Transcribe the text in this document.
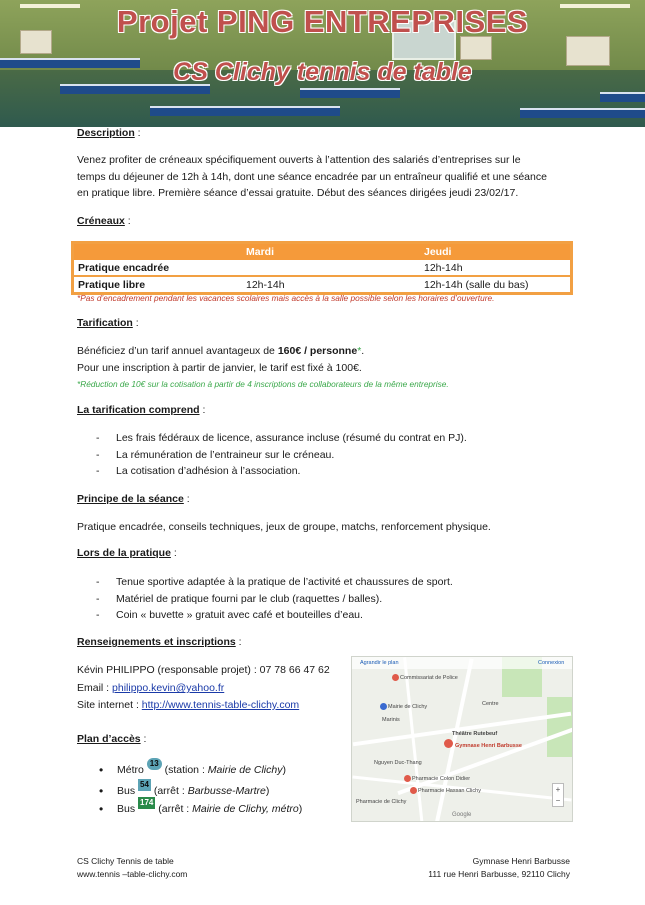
Projet PING ENTREPRISES
CS Clichy tennis de table
Description :
Venez profiter de créneaux spécifiquement ouverts à l’attention des salariés d’entreprises sur le
temps du déjeuner de 12h à 14h, dont une séance encadrée par un entraîneur qualifié et une séance
en pratique libre. Première séance d’essai gratuite. Début des séances dirigées jeudi 23/02/17.
Créneaux :
	Mardi	Jeudi
Pratique encadrée		12h-14h
Pratique libre	12h-14h	12h-14h (salle du bas)
*Pas d’encadrement pendant les vacances scolaires mais accès à la salle possible selon les horaires d’ouverture.
Tarification :
Bénéficiez d’un tarif annuel avantageux de 160€ / personne*.
Pour une inscription à partir de janvier, le tarif est fixé à 100€.
*Réduction de 10€ sur la cotisation à partir de 4 inscriptions de collaborateurs de la même entreprise.
La tarification comprend :
- Les frais fédéraux de licence, assurance incluse (résumé du contrat en PJ).
- La rémunération de l’entraineur sur le créneau.
- La cotisation d’adhésion à l’association.
Principe de la séance :
Pratique encadrée, conseils techniques, jeux de groupe, matchs, renforcement physique.
Lors de la pratique :
- Tenue sportive adaptée à la pratique de l’activité et chaussures de sport.
- Matériel de pratique fourni par le club (raquettes / balles).
- Coin « buvette » gratuit avec café et bouteilles d’eau.
Renseignements et inscriptions :
Kévin PHILIPPO (responsable projet) : 07 78 66 47 62
Email : philippo.kevin@yahoo.fr
Site internet : http://www.tennis-table-clichy.com
Plan d’accès :
• Métro 13 (station : Mairie de Clichy)
• Bus 54 (arrêt : Barbusse-Martre)
• Bus 174 (arrêt : Mairie de Clichy, métro)
Agrandir le plan	Connexion
Commissariat de Police
Mairie de Clichy	Centre
Marinis
Théâtre Rutebeuf
Gymnase Henri Barbusse
Nguyen Duc-Thang
Pharmacie Colon Didier
Pharmacie Hassan Clichy
Pharmacie de Clichy
Google
+
−
CS Clichy Tennis de table
www.tennis –table-clichy.com
Gymnase Henri Barbusse
111 rue Henri Barbusse, 92110 Clichy
